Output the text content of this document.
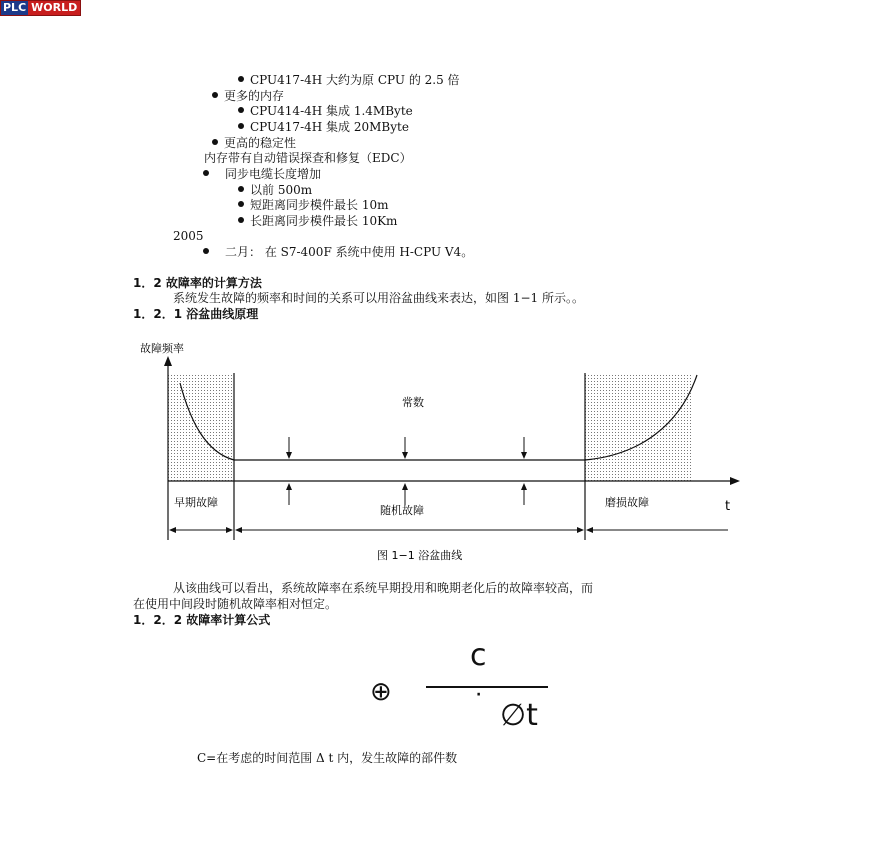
PLC WORLD
CPU417-4H 大约为原 CPU 的 2.5 倍
更多的内存
CPU414-4H 集成 1.4MByte
CPU417-4H 集成 20MByte
更高的稳定性
内存带有自动错误探查和修复（EDC）
同步电缆长度增加
以前 500m
短距离同步模件最长 10m
长距离同步模件最长 10Km
2005
二月： 在 S7-400F 系统中使用 H-CPU V4。
1．2 故障率的计算方法
系统发生故障的频率和时间的关系可以用浴盆曲线来表达，如图 1−1 所示。。
1．2．1 浴盆曲线原理
故障频率
常数
早期故障
随机故障
磨损故障	t
图 1−1 浴盆曲线
从该曲线可以看出，系统故障率在系统早期投用和晚期老化后的故障率较高，而
在使用中间段时随机故障率相对恒定。
1．2．2 故障率计算公式
⊕
c
·
∅t
C=在考虑的时间范围 Δ t 内，发生故障的部件数
